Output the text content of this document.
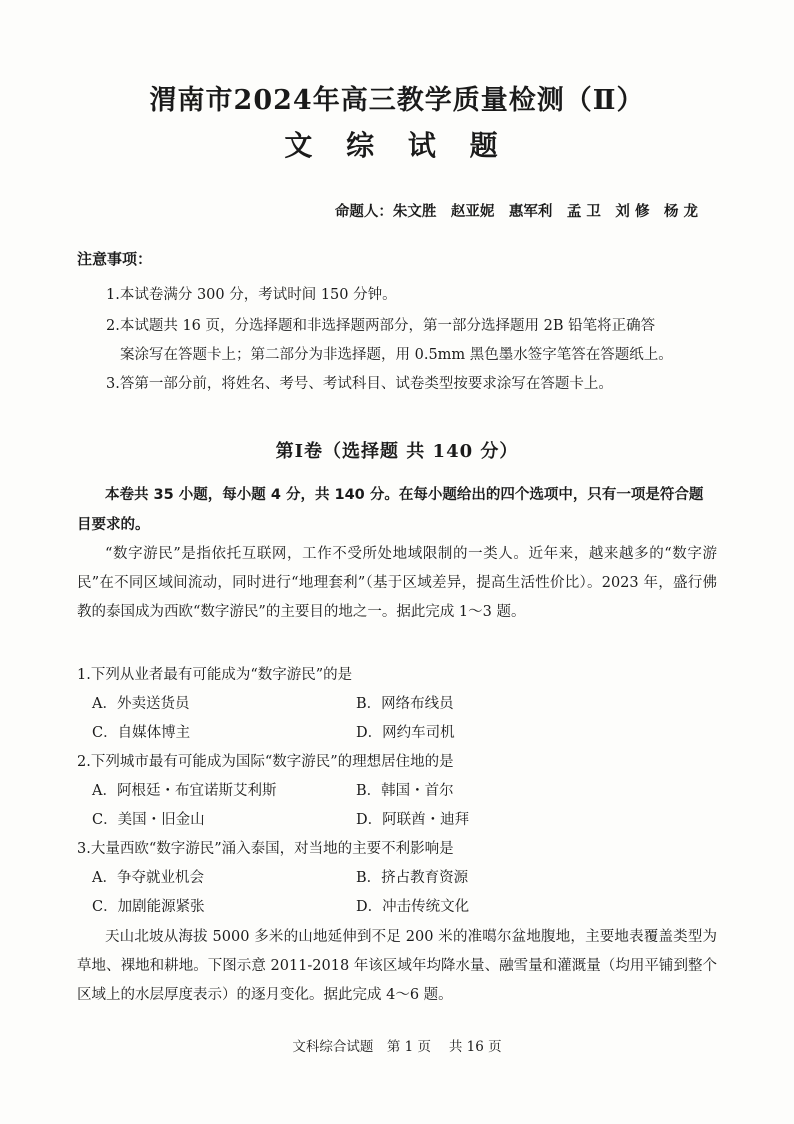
渭南市2024年高三教学质量检测（Ⅱ）
文 综 试 题
命题人：朱文胜　赵亚妮　惠军利　孟 卫　刘 修　杨 龙
注意事项：
1.本试卷满分 300 分，考试时间 150 分钟。
2.本试题共 16 页，分选择题和非选择题两部分，第一部分选择题用 2B 铅笔将正确答
案涂写在答题卡上；第二部分为非选择题，用 0.5mm 黑色墨水签字笔答在答题纸上。
3.答第一部分前，将姓名、考号、考试科目、试卷类型按要求涂写在答题卡上。
第Ⅰ卷（选择题 共 140 分）
本卷共 35 小题，每小题 4 分，共 140 分。在每小题给出的四个选项中，只有一项是符合题目要求的。
“数字游民”是指依托互联网，工作不受所处地域限制的一类人。近年来，越来越多的“数字游民”在不同区域间流动，同时进行“地理套利”（基于区域差异，提高生活性价比）。2023 年，盛行佛教的泰国成为西欧“数字游民”的主要目的地之一。据此完成 1～3 题。
1.下列从业者最有可能成为“数字游民”的是
A．外卖送货员	B．网络布线员
C．自媒体博主	D．网约车司机
2.下列城市最有可能成为国际“数字游民”的理想居住地的是
A．阿根廷・布宜诺斯艾利斯	B．韩国・首尔
C．美国・旧金山	D．阿联酋・迪拜
3.大量西欧“数字游民”涌入泰国，对当地的主要不利影响是
A．争夺就业机会	B．挤占教育资源
C．加剧能源紧张	D．冲击传统文化
天山北坡从海拔 5000 多米的山地延伸到不足 200 米的准噶尔盆地腹地，主要地表覆盖类型为草地、裸地和耕地。下图示意 2011-2018 年该区域年均降水量、融雪量和灌溉量（均用平铺到整个区域上的水层厚度表示）的逐月变化。据此完成 4～6 题。
文科综合试题　第 1 页　 共 16 页
